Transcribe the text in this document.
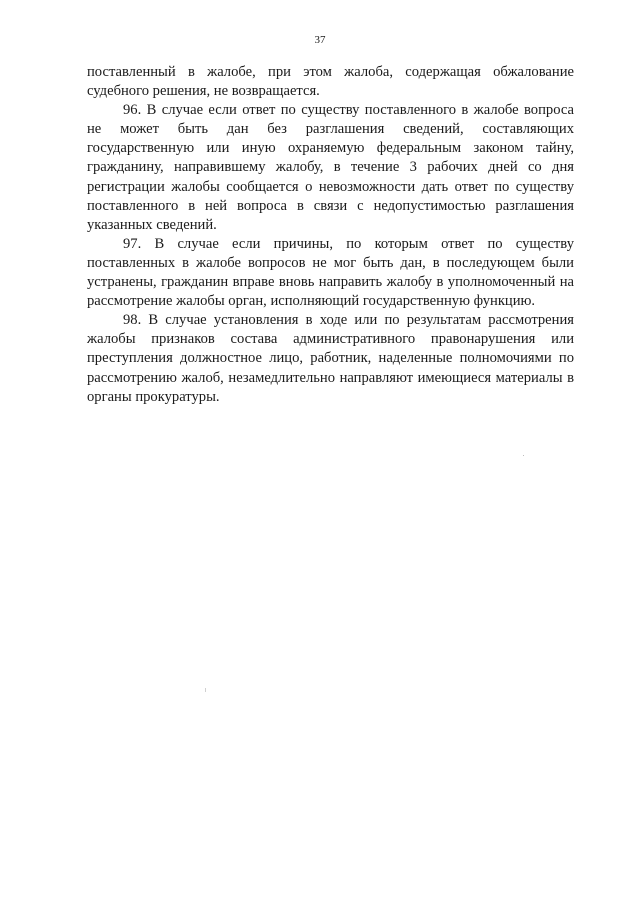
37

поставленный в жалобе, при этом жалоба, содержащая обжалование судебного решения, не возвращается.

96. В случае если ответ по существу поставленного в жалобе вопроса не может быть дан без разглашения сведений, составляющих государственную или иную охраняемую федеральным законом тайну, гражданину, направившему жалобу, в течение 3 рабочих дней со дня регистрации жалобы сообщается о невозможности дать ответ по существу поставленного в ней вопроса в связи с недопустимостью разглашения указанных сведений.

97. В случае если причины, по которым ответ по существу поставленных в жалобе вопросов не мог быть дан, в последующем были устранены, гражданин вправе вновь направить жалобу в уполномоченный на рассмотрение жалобы орган, исполняющий государственную функцию.

98. В случае установления в ходе или по результатам рассмотрения жалобы признаков состава административного правонарушения или преступления должностное лицо, работник, наделенные полномочиями по рассмотрению жалоб, незамедлительно направляют имеющиеся материалы в органы прокуратуры.
